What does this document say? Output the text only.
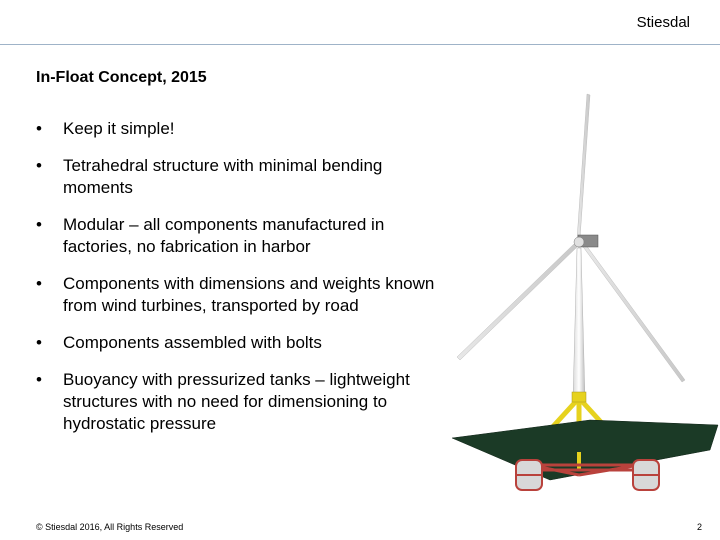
Stiesdal
In-Float Concept, 2015
• Keep it simple!
• Tetrahedral structure with minimal bending moments
• Modular – all components manufactured in factories, no fabrication in harbor
• Components with dimensions and weights known from wind turbines, transported by road
• Components assembled with bolts
• Buoyancy with pressurized tanks – lightweight structures with no need for dimensioning to hydrostatic pressure
© Stiesdal 2016, All Rights Reserved	2
